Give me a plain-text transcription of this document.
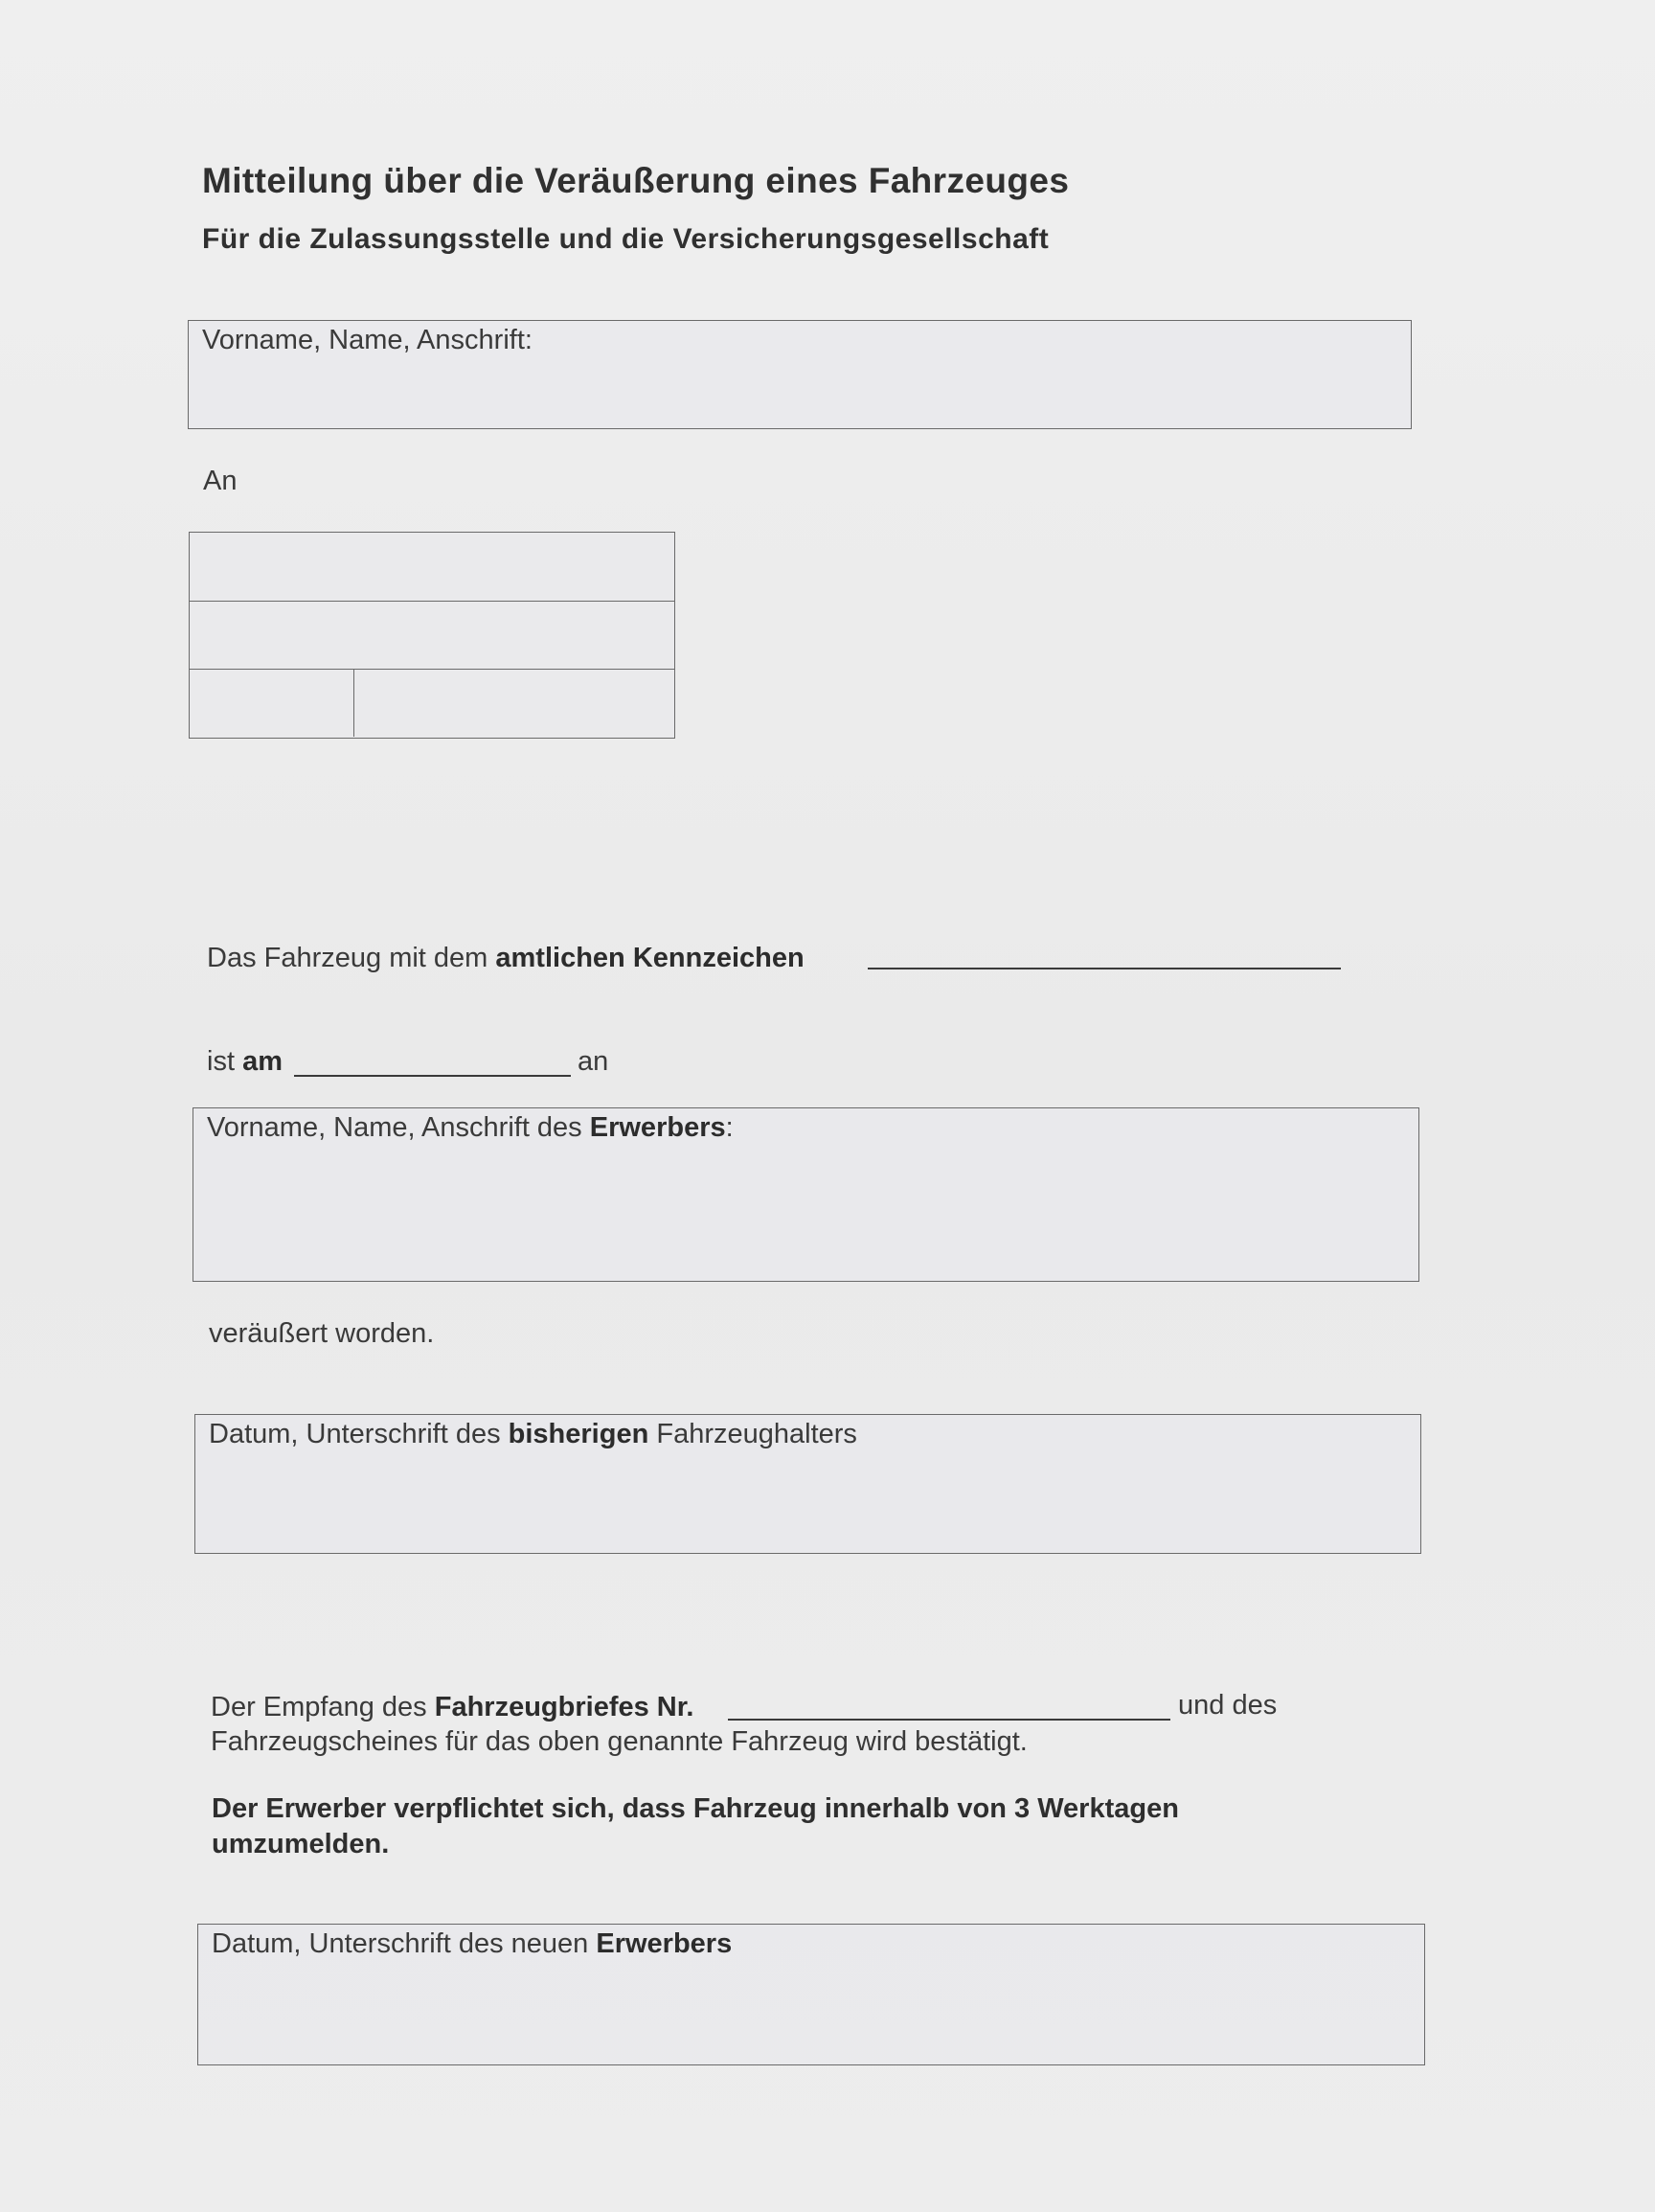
Mitteilung über die Veräußerung eines Fahrzeuges
Für die Zulassungsstelle und die Versicherungsgesellschaft
Vorname, Name, Anschrift:
An
Das Fahrzeug mit dem amtlichen Kennzeichen
ist am	an
Vorname, Name, Anschrift des Erwerbers:
veräußert worden.
Datum, Unterschrift des bisherigen Fahrzeughalters
Der Empfang des Fahrzeugbriefes Nr.	und des
Fahrzeugscheines für das oben genannte Fahrzeug wird bestätigt.
Der Erwerber verpflichtet sich, dass Fahrzeug innerhalb von 3 Werktagen
umzumelden.
Datum, Unterschrift des neuen Erwerbers
